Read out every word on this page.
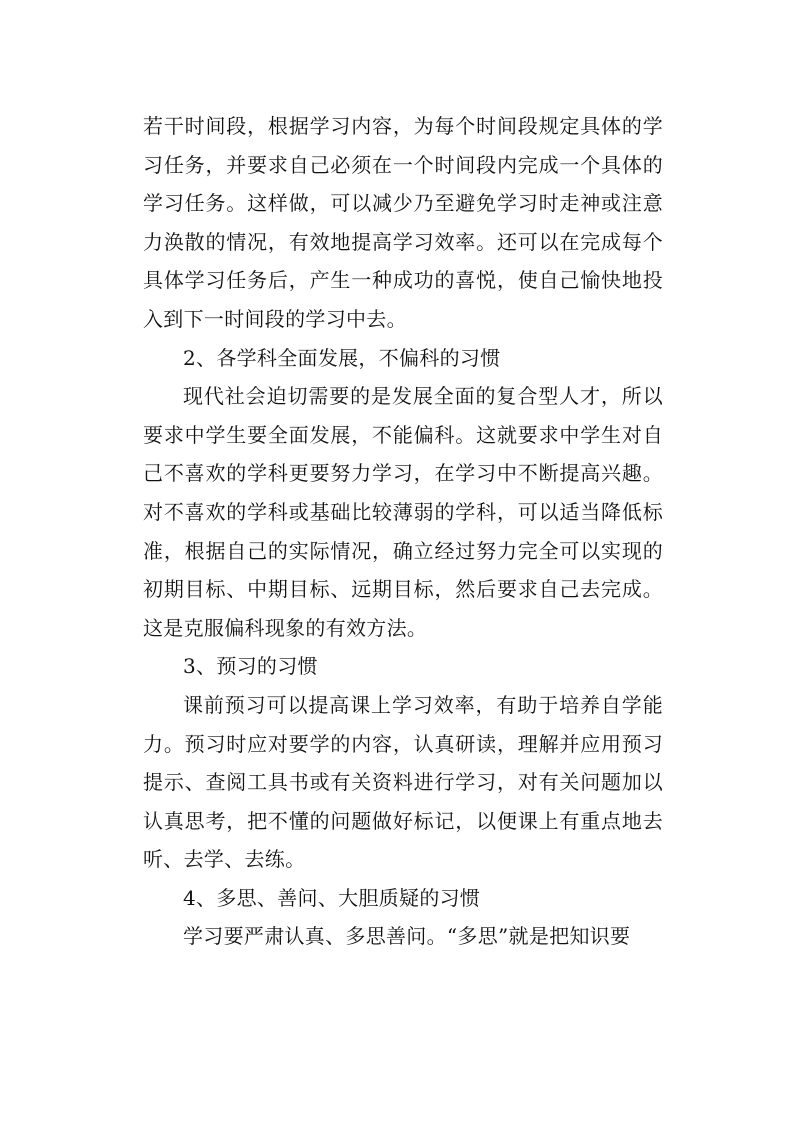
若干时间段，根据学习内容，为每个时间段规定具体的学习任务，并要求自己必须在一个时间段内完成一个具体的学习任务。这样做，可以减少乃至避免学习时走神或注意力涣散的情况，有效地提高学习效率。还可以在完成每个具体学习任务后，产生一种成功的喜悦，使自己愉快地投入到下一时间段的学习中去。

2、各学科全面发展，不偏科的习惯

现代社会迫切需要的是发展全面的复合型人才，所以要求中学生要全面发展，不能偏科。这就要求中学生对自己不喜欢的学科更要努力学习，在学习中不断提高兴趣。对不喜欢的学科或基础比较薄弱的学科，可以适当降低标准，根据自己的实际情况，确立经过努力完全可以实现的初期目标、中期目标、远期目标，然后要求自己去完成。这是克服偏科现象的有效方法。

3、预习的习惯

课前预习可以提高课上学习效率，有助于培养自学能力。预习时应对要学的内容，认真研读，理解并应用预习提示、查阅工具书或有关资料进行学习，对有关问题加以认真思考，把不懂的问题做好标记，以便课上有重点地去听、去学、去练。

4、多思、善问、大胆质疑的习惯

学习要严肃认真、多思善问。“多思”就是把知识要
